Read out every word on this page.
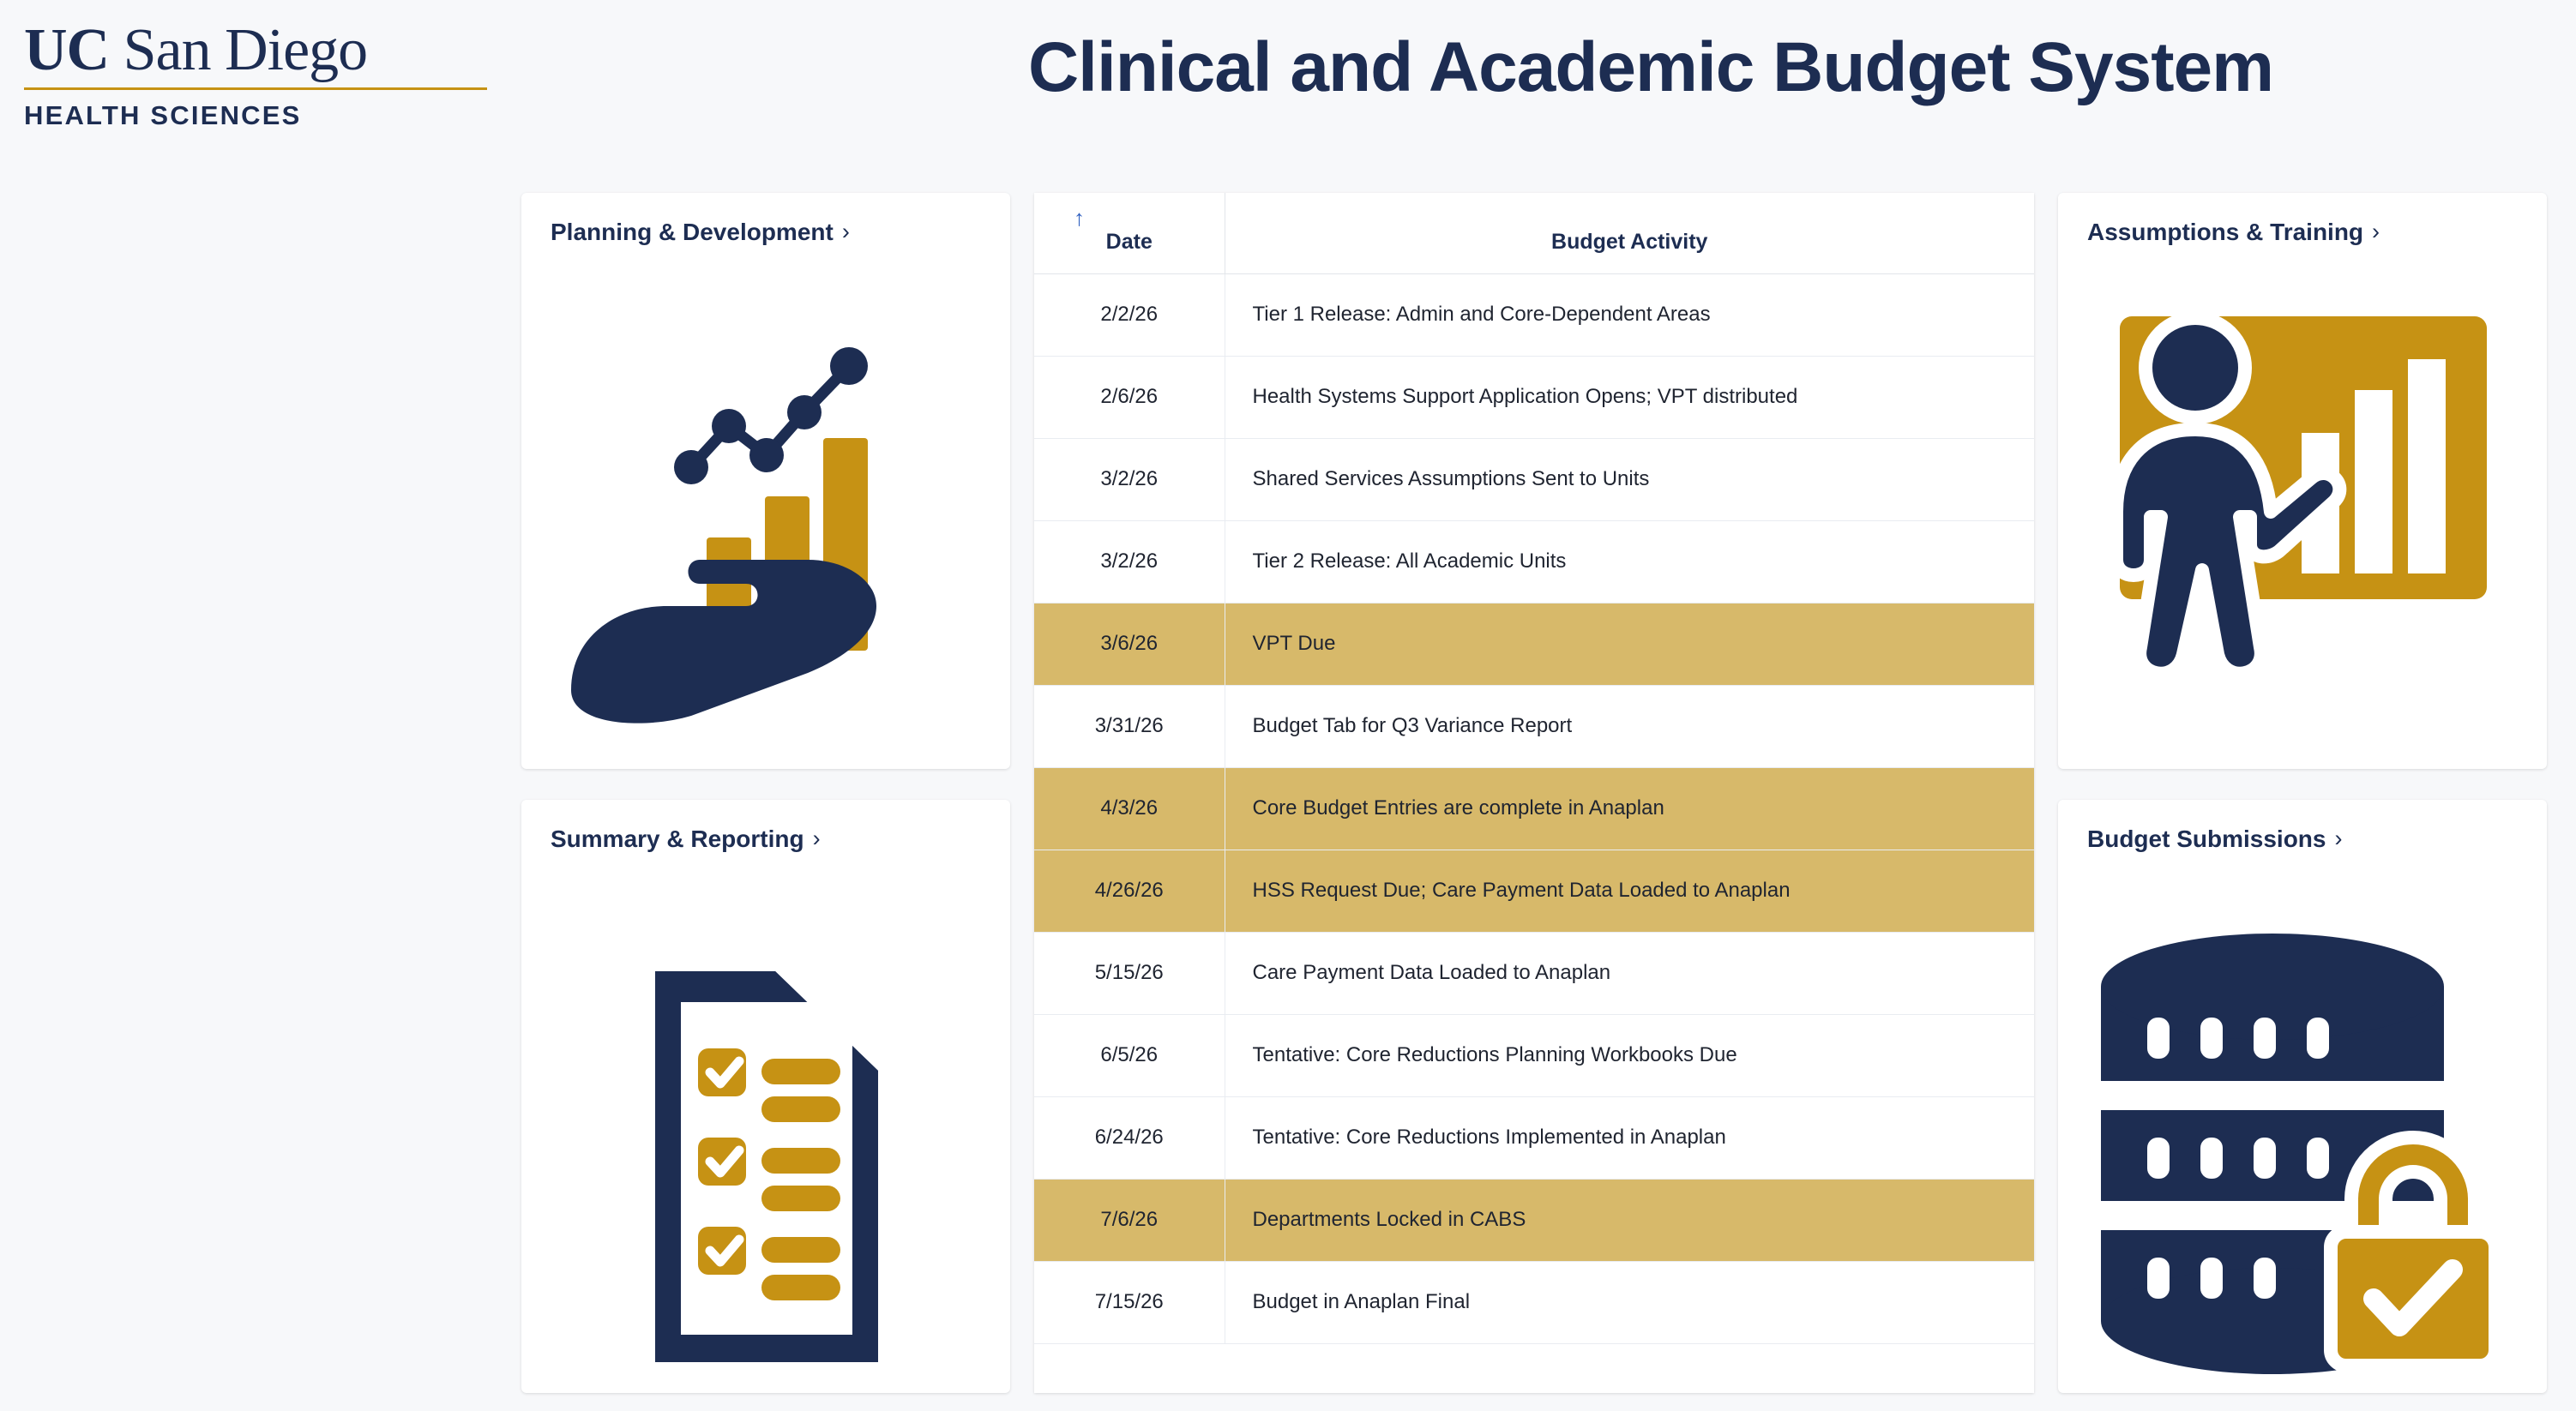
UC San Diego
HEALTH SCIENCES
Clinical and Academic Budget System
Planning & Development ›
Summary & Reporting ›
↑
Date	Budget Activity
2/2/26	Tier 1 Release: Admin and Core-Dependent Areas
2/6/26	Health Systems Support Application Opens; VPT distributed
3/2/26	Shared Services Assumptions Sent to Units
3/2/26	Tier 2 Release: All Academic Units
3/6/26	VPT Due
3/31/26	Budget Tab for Q3 Variance Report
4/3/26	Core Budget Entries are complete in Anaplan
4/26/26	HSS Request Due; Care Payment Data Loaded to Anaplan
5/15/26	Care Payment Data Loaded to Anaplan
6/5/26	Tentative: Core Reductions Planning Workbooks Due
6/24/26	Tentative: Core Reductions Implemented in Anaplan
7/6/26	Departments Locked in CABS
7/15/26	Budget in Anaplan Final
Assumptions & Training ›
Budget Submissions ›
